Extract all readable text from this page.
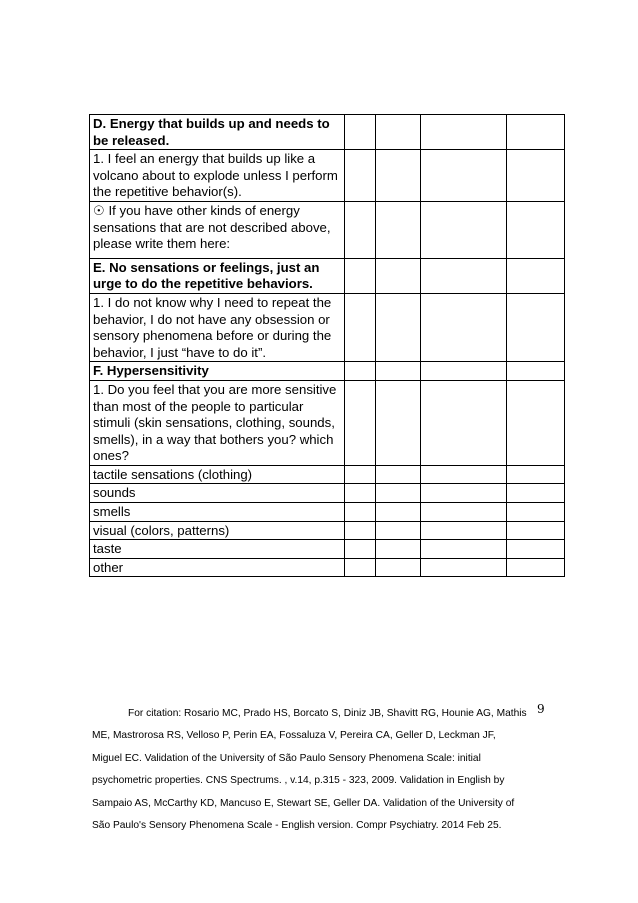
D. Energy that builds up and needs to be released.				
1. I feel an energy that builds up like a volcano about to explode unless I perform the repetitive behavior(s).				
☉ If you have other kinds of energy sensations that are not described above, please write them here:				
E. No sensations or feelings, just an urge to do the repetitive behaviors.				
1. I do not know why I need to repeat the behavior, I do not have any obsession or sensory phenomena before or during the behavior, I just “have to do it”.				
F. Hypersensitivity				
1. Do you feel that you are more sensitive than most of the people to particular stimuli (skin sensations, clothing, sounds, smells), in a way that bothers you? which ones?				
tactile sensations (clothing)				
sounds				
smells				
visual (colors, patterns)				
taste				
other				
For citation: Rosario MC, Prado HS, Borcato S, Diniz JB, Shavitt RG, Hounie AG, Mathis
ME, Mastrorosa RS, Velloso P, Perin EA, Fossaluza V, Pereira CA, Geller D, Leckman JF,
Miguel EC. Validation of the University of São Paulo Sensory Phenomena Scale: initial
psychometric properties. CNS Spectrums. , v.14, p.315 - 323, 2009. Validation in English by
Sampaio AS, McCarthy KD, Mancuso E, Stewart SE, Geller DA. Validation of the University of
São Paulo's Sensory Phenomena Scale - English version. Compr Psychiatry. 2014 Feb 25.
9
